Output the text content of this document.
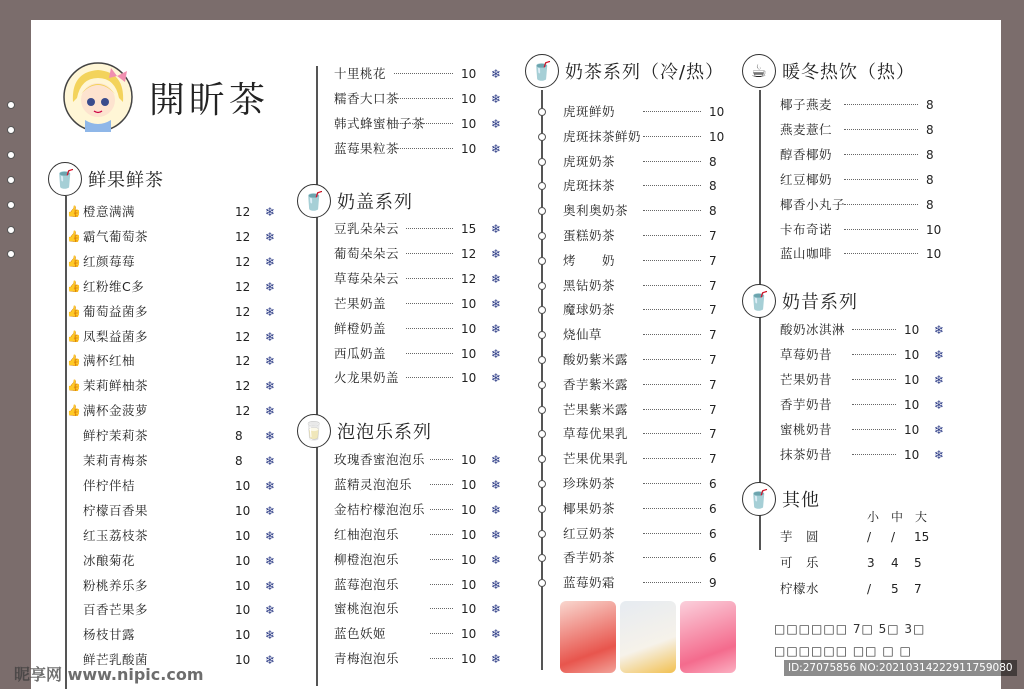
開盺茶
🥤 鲜果鲜茶
👍 橙意满满	12 ❄
👍 霸气葡萄茶	12 ❄
👍 红颜莓莓	12 ❄
👍 红粉维C多	12 ❄
👍 葡萄益菌多	12 ❄
👍 凤梨益菌多	12 ❄
👍 满杯红柚	12 ❄
👍 茉莉鲜柚茶	12 ❄
👍 满杯金菠萝	12 ❄
鲜柠茉莉茶	8 ❄
茉莉青梅茶	8 ❄
伴柠伴桔	10 ❄
柠檬百香果	10 ❄
红玉荔枝茶	10 ❄
冰酿菊花	10 ❄
粉桃养乐多	10 ❄
百香芒果多	10 ❄
杨枝甘露	10 ❄
鲜芒乳酸菌	10 ❄
十里桃花	10 ❄
糯香大口茶	10 ❄
韩式蜂蜜柚子茶	10 ❄
蓝莓果粒茶	10 ❄
🥤 奶盖系列
豆乳朵朵云	15 ❄
葡萄朵朵云	12 ❄
草莓朵朵云	12 ❄
芒果奶盖	10 ❄
鲜橙奶盖	10 ❄
西瓜奶盖	10 ❄
火龙果奶盖	10 ❄
🥛 泡泡乐系列
玫瑰香蜜泡泡乐	10 ❄
蓝精灵泡泡乐	10 ❄
金桔柠檬泡泡乐	10 ❄
红柚泡泡乐	10 ❄
柳橙泡泡乐	10 ❄
蓝莓泡泡乐	10 ❄
蜜桃泡泡乐	10 ❄
蓝色妖姬	10 ❄
青梅泡泡乐	10 ❄
🥤 奶茶系列（冷/热）
虎斑鲜奶	10
虎斑抹茶鲜奶	10
虎斑奶茶	8
虎斑抹茶	8
奥利奥奶茶	8
蛋糕奶茶	7
烤　　奶	7
黑钻奶茶	7
魔球奶茶	7
烧仙草	7
酸奶紫米露	7
香芋紫米露	7
芒果紫米露	7
草莓优果乳	7
芒果优果乳	7
珍珠奶茶	6
椰果奶茶	6
红豆奶茶	6
香芋奶茶	6
蓝莓奶霜	9
☕ 暖冬热饮（热）
椰子燕麦	8
燕麦薏仁	8
醇香椰奶	8
红豆椰奶	8
椰香小丸子	8
卡布奇诺	10
蓝山咖啡	10
🥤 奶昔系列
酸奶冰淇淋	10 ❄
草莓奶昔	10 ❄
芒果奶昔	10 ❄
香芋奶昔	10 ❄
蜜桃奶昔	10 ❄
抹茶奶昔	10 ❄
🥤 其他
小 中 大
芋　圆	/ / 15
可　乐	3 4 5
柠檬水	/ 5 7
□□□□□□ 7□ 5□ 3□
□□□□□□ □□ □ □
昵享网 www.nipic.com	ID:27075856 NO:20210314222911759080
